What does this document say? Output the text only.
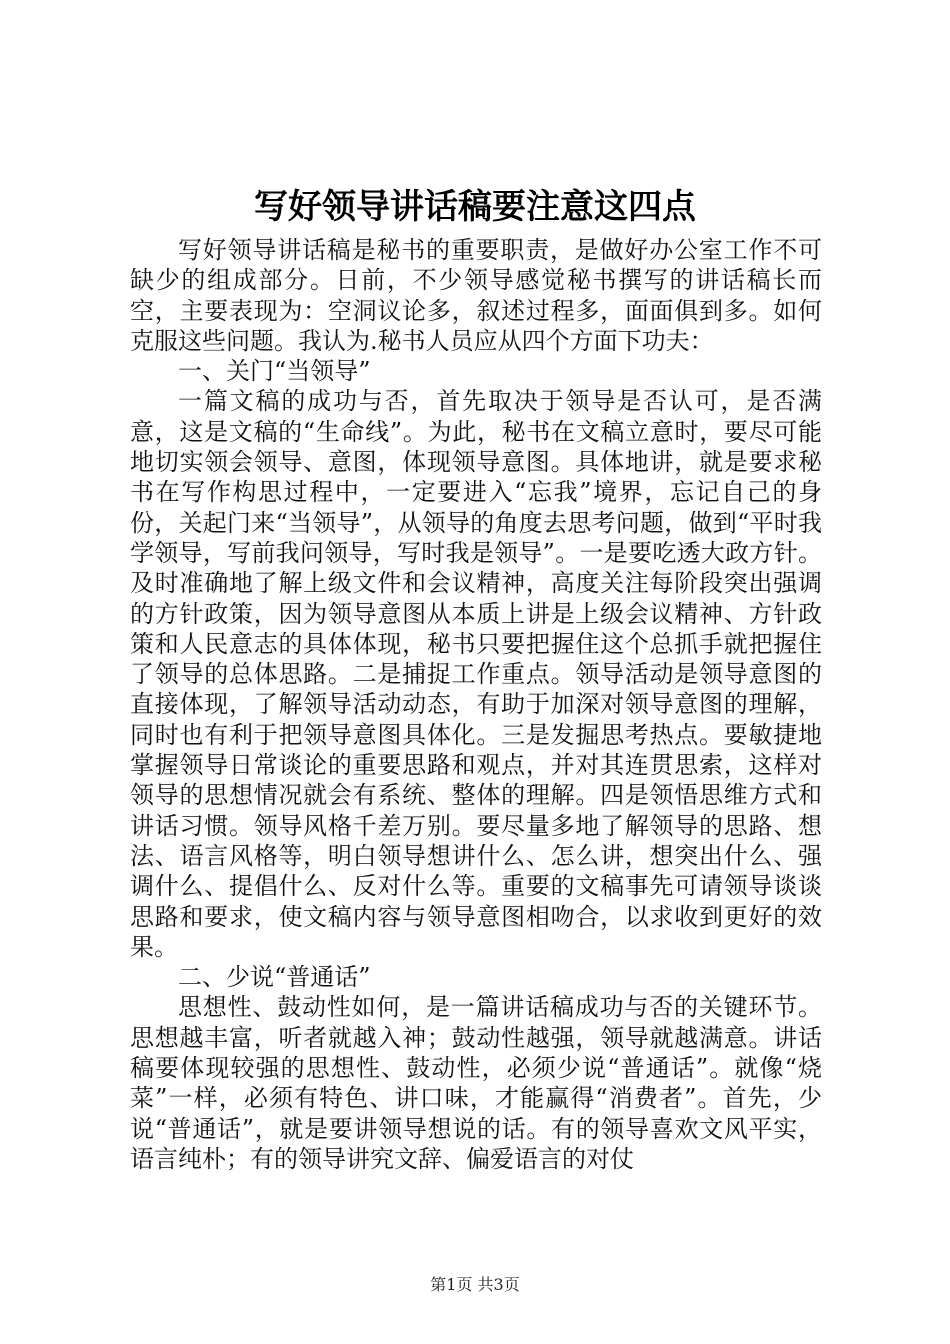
写好领导讲话稿要注意这四点

写好领导讲话稿是秘书的重要职责，是做好办公室工作不可缺少的组成部分。日前，不少领导感觉秘书撰写的讲话稿长而空，主要表现为：空洞议论多，叙述过程多，面面俱到多。如何克服这些问题。我认为.秘书人员应从四个方面下功夫：

一、关门“当领导”

一篇文稿的成功与否，首先取决于领导是否认可，是否满意，这是文稿的“生命线”。为此，秘书在文稿立意时，要尽可能地切实领会领导、意图，体现领导意图。具体地讲，就是要求秘书在写作构思过程中，一定要进入“忘我”境界，忘记自己的身份，关起门来“当领导”，从领导的角度去思考问题，做到“平时我学领导，写前我问领导，写时我是领导”。一是要吃透大政方针。及时准确地了解上级文件和会议精神，高度关注每阶段突出强调的方针政策，因为领导意图从本质上讲是上级会议精神、方针政策和人民意志的具体体现，秘书只要把握住这个总抓手就把握住了领导的总体思路。二是捕捉工作重点。领导活动是领导意图的直接体现，了解领导活动动态，有助于加深对领导意图的理解，同时也有利于把领导意图具体化。三是发掘思考热点。要敏捷地掌握领导日常谈论的重要思路和观点，并对其连贯思索，这样对领导的思想情况就会有系统、整体的理解。四是领悟思维方式和讲话习惯。领导风格千差万别。要尽量多地了解领导的思路、想法、语言风格等，明白领导想讲什么、怎么讲，想突出什么、强调什么、提倡什么、反对什么等。重要的文稿事先可请领导谈谈思路和要求，使文稿内容与领导意图相吻合，以求收到更好的效果。

二、少说“普通话”

思想性、鼓动性如何，是一篇讲话稿成功与否的关键环节。思想越丰富，听者就越入神；鼓动性越强，领导就越满意。讲话稿要体现较强的思想性、鼓动性，必须少说“普通话”。就像“烧菜”一样，必须有特色、讲口味，才能赢得“消费者”。首先，少说“普通话”，就是要讲领导想说的话。有的领导喜欢文风平实，语言纯朴；有的领导讲究文辞、偏爱语言的对仗

第1页 共3页
